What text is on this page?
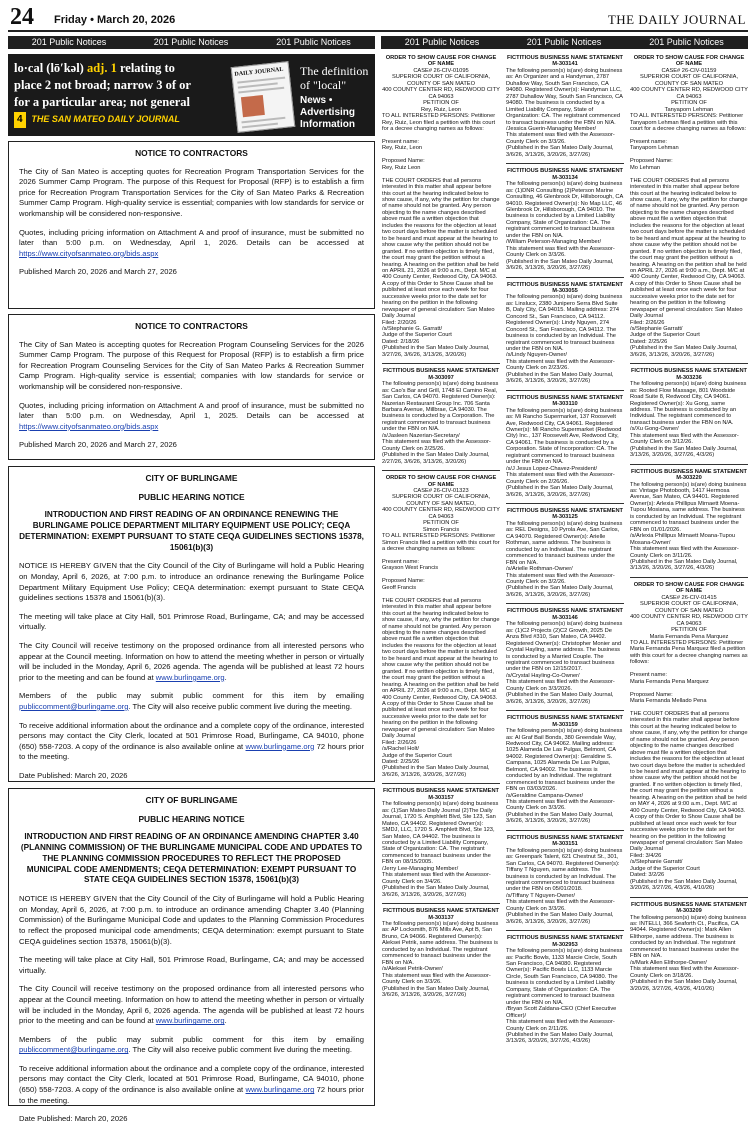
24 Friday • March 20, 2026	THE DAILY JOURNAL
201 Public Notices	201 Public Notices	201 Public Notices	201 Public Notices	201 Public Notices	201 Public Notices
lo·cal (lō′kəl) adj. 1 relating to
place 2 not broad; narrow 3 of or
for a particular area; not general
4 THE SAN MATEO DAILY JOURNAL
DAILY JOURNAL The definition of "local"
News • Advertising Information
NOTICE TO CONTRACTORS

The City of San Mateo is accepting quotes for Recreation Program Transportation Services for the 2026 Summer Camp Program. The purpose of this Request for Proposal (RFP) is to establish a firm price for Recreation Program Transportation Services for the City of San Mateo Parks & Recreation Summer Camp Program. High-quality service is essential; companies with low standards for service or workmanship will be considered non-responsive.

Quotes, including pricing information on Attachment A and proof of insurance, must be submitted no later than 5:00 p.m. on Wednesday, April 1, 2026. Details can be accessed at https://www.cityofsanmateo.org/bids.aspx

Published March 20, 2026 and March 27, 2026

NOTICE TO CONTRACTORS

The City of San Mateo is accepting quotes for Recreation Program Counseling Services for the 2026 Summer Camp Program. The purpose of this Request for Proposal (RFP) is to establish a firm price for Recreation Program Counseling Services for the City of San Mateo Parks & Recreation Summer Camp Program. High-quality service is essential; companies with low standards for service or workmanship will be considered non-responsive.

Quotes, including pricing information on Attachment A and proof of insurance, must be submitted no later than 5:00 p.m. on Wednesday, April 1, 2025. Details can be accessed at https://www.cityofsanmateo.org/bids.aspx

Published March 20, 2026 and March 27, 2026

CITY OF BURLINGAME
PUBLIC HEARING NOTICE
INTRODUCTION AND FIRST READING OF AN ORDINANCE RENEWING THE BURLINGAME POLICE DEPARTMENT MILITARY EQUIPMENT USE POLICY; CEQA DETERMINATION: EXEMPT PURSUANT TO STATE CEQA GUIDELINES SECTIONS 15378, 15061(b)(3)

NOTICE IS HEREBY GIVEN that the City Council of the City of Burlingame will hold a Public Hearing on Monday, April 6, 2026, at 7:00 p.m. to introduce an ordinance renewing the Burlingame Police Department Military Equipment Use Policy; CEQA determination: exempt pursuant to State CEQA guidelines sections 15378 and 15061(b)(3).

The meeting will take place at City Hall, 501 Primrose Road, Burlingame, CA; and may be accessed virtually.

The City Council will receive testimony on the proposed ordinance from all interested persons who appear at the Council meeting. Information on how to attend the meeting whether in person or virtually will be included in the Monday, April 6, 2026 agenda. The agenda will be published at least 72 hours prior to the meeting and can be found at www.burlingame.org.

Members of the public may submit public comment for this item by emailing publiccomment@burlingame.org. The City will also receive public comment live during the meeting.

To receive additional information about the ordinance and a complete copy of the ordinance, interested persons may contact the City Clerk, located at 501 Primrose Road, Burlingame, CA 94010, phone (650) 558-7203. A copy of the ordinance is also available online at www.burlingame.org 72 hours prior to the meeting.

Date Published: March 20, 2026

CITY OF BURLINGAME
PUBLIC HEARING NOTICE
INTRODUCTION AND FIRST READING OF AN ORDINANCE AMENDING CHAPTER 3.40 (PLANNING COMMISSION) OF THE BURLINGAME MUNICIPAL CODE AND UPDATES TO THE PLANNING COMMISSION PROCEDURES TO REFLECT THE PROPOSED MUNICIPAL CODE AMENDMENTS; CEQA DETERMINATION: EXEMPT PURSUANT TO STATE CEQA GUIDELINES SECTION 15378, 15061(b)(3)

NOTICE IS HEREBY GIVEN that the City Council of the City of Burlingame will hold a Public Hearing on Monday, April 6, 2026, at 7:00 p.m. to introduce an ordinance amending Chapter 3.40 (Planning Commission) of the Burlingame Municipal Code and updates to the Planning Commission Procedures to reflect the proposed municipal code amendments; CEQA determination: exempt pursuant to State CEQA guidelines section 15378, 15061(b)(3).

The meeting will take place at City Hall, 501 Primrose Road, Burlingame, CA; and may be accessed virtually.

The City Council will receive testimony on the proposed ordinance from all interested persons who appear at the Council meeting. Information on how to attend the meeting whether in person or virtually will be included in the Monday, April 6, 2026 agenda. The agenda will be published at least 72 hours prior to the meeting and can be found at www.burlingame.org.

Members of the public may submit public comment for this item by emailing publiccomment@burlingame.org. The City will also receive public comment live during the meeting.

To receive additional information about the ordinance and a complete copy of the ordinance, interested persons may contact the City Clerk, located at 501 Primrose Road, Burlingame, CA 94010, phone (650) 558-7203. A copy of the ordinance is also available online at www.burlingame.org 72 hours prior to the meeting.

Date Published: March 20, 2026

ORDER TO SHOW CAUSE FOR CHANGE OF NAME
CASE# 26-CIV-01095
SUPERIOR COURT OF CALIFORNIA, COUNTY OF SAN MATEO
400 COUNTY CENTER RD, REDWOOD CITY CA 94063
PETITION OF
Rey, Ruiz, Leon
TO ALL INTERESTED PERSONS: Petitioner Rey, Ruiz, Leon filed a petition with this court for a decree changing names as follows:

Present name:
Rey, Ruiz, Leon

Proposed Name:
Rey, Ruiz Leon

THE COURT ORDERS that all persons interested in this matter shall appear before this court at the hearing indicated below to show cause, if any, why the petition for change of name should not be granted. Any person objecting to the name changes described above must file a written objection that includes the reasons for the objection at least two court days before the matter is scheduled to be heard and must appear at the hearing to show cause why the petition should not be granted. If no written objection is timely filed, the court may grant the petition without a hearing. A hearing on the petition shall be held on APRIL 21, 2026 at 9:00 a.m., Dept. M/C at 400 County Center, Redwood City, CA 94063. A copy of this Order to Show Cause shall be published at least once each week for four successive weeks prior to the date set for hearing on the petition in the following newspaper of general circulation: San Mateo Daily Journal
Filed: 2/20/26
/s/Stephanie G. Garratt/
Judge of the Superior Court
Dated: 2/18/26
(Published in the San Mateo Daily Journal, 3/27/26, 3/6/26, 3/13/26, 3/20/26)
FICTITIOUS BUSINESS NAME STATEMENT M-303097
The following person(s) is(are) doing business as: Cao's Bar and Grill, 1748 El Camino Real, San Carlos, CA 94070. Registered Owner(s): Nazerian Restaurant Group Inc. 706 Santa Barbara Avenue, Millbrae, CA 94030. The business is conducted by a Corporation. The registrant commenced to transact business under the FBN on N/A.
/s/Jasleen Nazerian-Secretary/
This statement was filed with the Assessor-County Clerk on 2/25/26.
(Published in the San Mateo Daily Journal, 2/27/26, 3/6/26, 3/13/26, 3/20/26)
ORDER TO SHOW CAUSE FOR CHANGE OF NAME
CASE# 26-CIV-01323
SUPERIOR COURT OF CALIFORNIA, COUNTY OF SAN MATEO,
400 COUNTY CENTER RD, REDWOOD CITY CA 94063
PETITION OF
Simon Francis
TO ALL INTERESTED PERSONS: Petitioner Simon Francis filed a petition with this court for a decree changing names as follows:

Present name:
Grayson West Francis

Proposed Name:
Geoff Francis

THE COURT ORDERS that all persons interested in this matter shall appear before this court at the hearing indicated below to show cause, if any, why the petition for change of name should not be granted. Any person objecting to the name changes described above must file a written objection that includes the reasons for the objection at least two court days before the matter is scheduled to be heard and must appear at the hearing to show cause why the petition should not be granted. If no written objection is timely filed, the court may grant the petition without a hearing. A hearing on the petition shall be held on APRIL 27, 2026 at 9:00 a.m., Dept. M/C at 400 County Center, Redwood City, CA 94063. A copy of this Order to Show Cause shall be published at least once each week for four successive weeks prior to the date set for hearing on the petition in the following newspaper of general circulation: San Mateo Daily Journal
Filed: 2/26/26
/s/Rachel Holt/
Judge of the Superior Court
Dated: 2/25/26
(Published in the San Mateo Daily Journal, 3/6/26, 3/13/26, 3/20/26, 3/27/26)
FICTITIOUS BUSINESS NAME STATEMENT M-303157
The following person(s) is(are) doing business as: (1)San Mateo Daily Journal (2)The Daily Journal, 1720 S. Amphlett Blvd, Ste 123, San Mateo, CA 94402. Registered Owner(s): SMDJ, LLC, 1720 S. Amphlett Blvd, Ste 123, San Mateo, CA 94402. The business is conducted by a Limited Liability Company, State of Organization: CA. The registrant commenced to transact business under the FBN on 08/15/2005.
/Jerry Lee-Managing Member/
This statement was filed with the Assessor-County Clerk on 3/4/26.
(Published in the San Mateo Daily Journal, 3/6/26, 3/13/26, 3/20/26, 3/27/26)
FICTITIOUS BUSINESS NAME STATEMENT M-303137
The following person(s) is(are) doing business as: AP Locksmith, 876 Mills Ave, Apt B, San Bruno, CA 94066. Registered Owner(s): Aleksei Petrik, same address. The business is conducted by an Individual. The registrant commenced to transact business under the FBN on N/A.
/s/Aleksei Petrik-Owner/
This statement was filed with the Assessor-County Clerk on 3/3/26.
(Published in the San Mateo Daily Journal, 3/6/26, 3/13/26, 3/20/26, 3/27/26)
FICTITIOUS BUSINESS NAME STATEMENT M-303141
The following person(s) is(are) doing business as: An Organizer and a Handyman, 2787 Duhallow Way, South San Francisco, CA 94080. Registered Owner(s): Handyman LLC, 2787 Duhallow Way, South San Francisco, CA 94080. The business is conducted by a Limited Liability Company, State of Organization: CA. The registrant commenced to transact business under the FBN on N/A.
/Jessica Guerin-Managing Member/
This statement was filed with the Assessor-County Clerk on 3/3/26.
(Published in the San Mateo Daily Journal, 3/6/26, 3/13/26, 3/20/26, 3/27/26)
FICTITIOUS BUSINESS NAME STATEMENT M-303134
The following person(s) is(are) doing business as: (1)DNR Consulting (2)Peterson Marine Consulting, 46 Glenbrook Dr, Hillsborough, CA 94010. Registered Owner(s): No Map LLC, 46 Glenbrook Dr, Hillsborough, CA 94010. The business is conducted by a Limited Liability Company, State of Organization: CA. The registrant commenced to transact business under the FBN on N/A.
/William Peterson-Managing Member/
This statement was filed with the Assessor-County Clerk on 3/3/26.
(Published in the San Mateo Daily Journal, 3/6/26, 3/13/26, 3/20/26, 3/27/26)
FICTITIOUS BUSINESS NAME STATEMENT M-303055
The following person(s) is(are) doing business as: Linslucx, 2380 Junipero Serra Blvd Suite B, Daly City, CA 94015. Mailing address: 274 Concord St., San Francisco, CA 94112. Registered Owner(s): Lindy Nguyen, 274 Concord St., San Francisco, CA 94112. The business is conducted by an Individual. The registrant commenced to transact business under the FBN on N/A.
/s/Lindy Nguyen-Owner/
This statement was filed with the Assessor-County Clerk on 2/23/26.
(Published in the San Mateo Daily Journal, 3/6/26, 3/13/26, 3/20/26, 3/27/26)
FICTITIOUS BUSINESS NAME STATEMENT M-303110
The following person(s) is(are) doing business as: Mi Rancho Supermarket, 137 Roosevelt Ave, Redwood City, CA 94061. Registered Owner(s): Mi Rancho Supermarket (Redwood City) Inc., 137 Roosevelt Ave, Redwood City, CA 94061. The business is conducted by a Corporation. State of Incorporation: CA. The registrant commenced to transact business under the FBN on N/A.
/s/J Jesus Lopez-Chavez-President/
This statement was filed with the Assessor-County Clerk on 2/26/26.
(Published in the San Mateo Daily Journal, 3/6/26, 3/13/26, 3/20/26, 3/27/26)
FICTITIOUS BUSINESS NAME STATEMENT M-303125
The following person(s) is(are) doing business as: REL Designs, 10 Pyrola Ave, San Carlos, CA 94070. Registered Owner(s): Arielle Rothman, same address. The business is conducted by an Individual. The registrant commenced to transact business under the FBN on N/A.
/s/Arielle Rothman-Owner/
This statement was filed with the Assessor-County Clerk on 3/2/26.
(Published in the San Mateo Daily Journal, 3/6/26, 3/13/26, 3/20/26, 3/27/26)
FICTITIOUS BUSINESS NAME STATEMENT M-303146
The following person(s) is(are) doing business as: (1)C2 Projects (2)C2 Growth, 2025 De Anza Blvd #310, San Mateo, CA 94402. Registered Owner(s): Christopher Monier and Crystal Hayling, same address. The business is conducted by a Married Couple. The registrant commenced to transact business under the FBN on 12/15/2017.
/s/Crystal Hayling-Co-Owner/
This statement was filed with the Assessor-County Clerk on 3/3/2026.
(Published in the San Mateo Daily Journal, 3/6/26, 3/13/26, 3/20/26, 3/27/26)
FICTITIOUS BUSINESS NAME STATEMENT M-303159
The following person(s) is(are) doing business as: Al Graf Bail Bonds, 380 Greendale Way, Redwood City, CA 94062. Mailing address: 1025 Alameda De Las Pulgas, Belmont, CA 94002. Registered Owner(s): Geraldine S. Campana, 1025 Alameda De Las Pulgas, Belmont, CA 94002. The business is conducted by an Individual. The registrant commenced to transact business under the FBN on 03/03/2026.
/s/Geraldine Campana-Owner/
This statement was filed with the Assessor-County Clerk on 3/3/26.
(Published in the San Mateo Daily Journal, 3/6/26, 3/13/26, 3/20/26, 3/27/26)
FICTITIOUS BUSINESS NAME STATEMENT M-303151
The following person(s) is(are) doing business as: Greenpark Talent, 621 Chestnut St., 301, San Carlos, CA 94070. Registered Owner(s): Tiffany T Nguyen, same address. The business is conducted by an Individual. The registrant commenced to transact business under the FBN on 05/01/2018.
/s/Tiffany T Nguyen-Owner/
This statement was filed with the Assessor-County Clerk on 3/3/26.
(Published in the San Mateo Daily Journal, 3/6/26, 3/13/26, 3/20/26, 3/27/26)
FICTITIOUS BUSINESS NAME STATEMENT M-302953
The following person(s) is(are) doing business as: Pacific Bowls, 1133 Marcie Circle, South San Francisco, CA 94080. Registered Owner(s): Pacific Bowls LLC, 1133 Marcie Circle, South San Francisco, CA 94080. The business is conducted by a Limited Liability Company, State of Organization: CA. The registrant commenced to transact business under the FBN on N/A.
/Bryan Scott Zaldana-CEO (Chief Executive Officer)/
This statement was filed with the Assessor-County Clerk on 2/11/26.
(Published in the San Mateo Daily Journal, 3/13/26, 3/20/26, 3/27/26, 4/3/26)
ORDER TO SHOW CAUSE FOR CHANGE OF NAME
CASE# 26-CIV-01159
SUPERIOR COURT OF CALIFORNIA, COUNTY OF SAN MATEO
400 COUNTY CENTER RD, REDWOOD CITY CA 94063
PETITION OF
Tanyaporn Lehman
TO ALL INTERESTED PERSONS: Petitioner Tanyaporn Lehman filed a petition with this court for a decree changing names as follows:

Present name:
Tanyaporn Lehman

Proposed Name:
Mo Lehman

THE COURT ORDERS that all persons interested in this matter shall appear before this court at the hearing indicated below to show cause, if any, why the petition for change of name should not be granted. Any person objecting to the name changes described above must file a written objection that includes the reasons for the objection at least two court days before the matter is scheduled to be heard and must appear at the hearing to show cause why the petition should not be granted. If no written objection is timely filed, the court may grant the petition without a hearing. A hearing on the petition shall be held on APRIL 27, 2026 at 9:00 a.m., Dept. M/C at 400 County Center, Redwood City, CA 94063. A copy of this Order to Show Cause shall be published at least once each week for four successive weeks prior to the date set for hearing on the petition in the following newspaper of general circulation: San Mateo Daily Journal
Filed: 2/26/26
/s/Stephanie Garratt/
Judge of the Superior Court
Dated: 2/25/26
(Published in the San Mateo Daily Journal, 3/6/26, 3/13/26, 3/20/26, 3/27/26)
FICTITIOUS BUSINESS NAME STATEMENT M-303236
The following person(s) is(are) doing business as: Rooted Flow Massage, 801 Woodside Road Suite 8, Redwood City, CA 94061. Registered Owner(s): Xu Gong, same address. The business is conducted by an Individual. The registrant commenced to transact business under the FBN on N/A.
/s/Xu Gong-Owner/
This statement was filed with the Assessor-County Clerk on 3/12/26.
(Published in the San Mateo Daily Journal, 3/13/26, 3/20/26, 3/27/26, 4/3/26)
FICTITIOUS BUSINESS NAME STATEMENT M-303220
The following person(s) is(are) doing business as: Vintage Photobooth, 1417 Hermosa Avenue, San Mateo, CA 94401. Registered Owner(s): Arlexia Phillipus Mirnaett Moena-Tupou Mosiana, same address. The business is conducted by an Individual. The registrant commenced to transact business under the FBN on 01/01/2026.
/s/Arlexia Phillipus Mirnaett Moana-Tupou Mosana-Owner/
This statement was filed with the Assessor-County Clerk on 3/11/26.
(Published in the San Mateo Daily Journal, 3/13/26, 3/20/26, 3/27/26, 4/3/26)
ORDER TO SHOW CAUSE FOR CHANGE OF NAME
CASE# 26-CIV-01415
SUPERIOR COURT OF CALIFORNIA, COUNTY OF SAN MATEO
400 COUNTY CENTER RD, REDWOOD CITY CA 94063
PETITION OF
Maria Fernanda Pena Marquez
TO ALL INTERESTED PERSONS: Petitioner Maria Fernanda Pena Marquez filed a petition with this court for a decree changing names as follows:

Present name:
Maria Fernanda Pena Marquez

Proposed Name:
Maria Fernanda Mellado Pena

THE COURT ORDERS that all persons interested in this matter shall appear before this court at the hearing indicated below to show cause, if any, why the petition for change of name should not be granted. Any person objecting to the name changes described above must file a written objection that includes the reasons for the objection at least two court days before the matter is scheduled to be heard and must appear at the hearing to show cause why the petition should not be granted. If no written objection is timely filed, the court may grant the petition without a hearing. A hearing on the petition shall be held on MAY 4, 2026 at 9:00 a.m., Dept. M/C at 400 County Center, Redwood City, CA 94063. A copy of this Order to Show Cause shall be published at least once each week for four successive weeks prior to the date set for hearing on the petition in the following newspaper of general circulation: San Mateo Daily Journal
Filed: 3/4/26
/s/Stephanie Garratt/
Judge of the Superior Court
Dated: 3/2/26
(Published in the San Mateo Daily Journal, 3/20/26, 3/27/26, 4/3/26, 4/10/26)
FICTITIOUS BUSINESS NAME STATEMENT M-303209
The following person(s) is(are) doing business as: INTELLI, 366 Seaforth Ct., Pacifica, CA 94044. Registered Owner(s): Mark Allen Elithorpe, same address. The business is conducted by an Individual. The registrant commenced to transact business under the FBN on N/A.
/s/Mark Allen Elithorpe-Owner/
This statement was filed with the Assessor-County Clerk on 3/18/26.
(Published in the San Mateo Daily Journal, 3/20/26, 3/27/26, 4/3/26, 4/10/26)
